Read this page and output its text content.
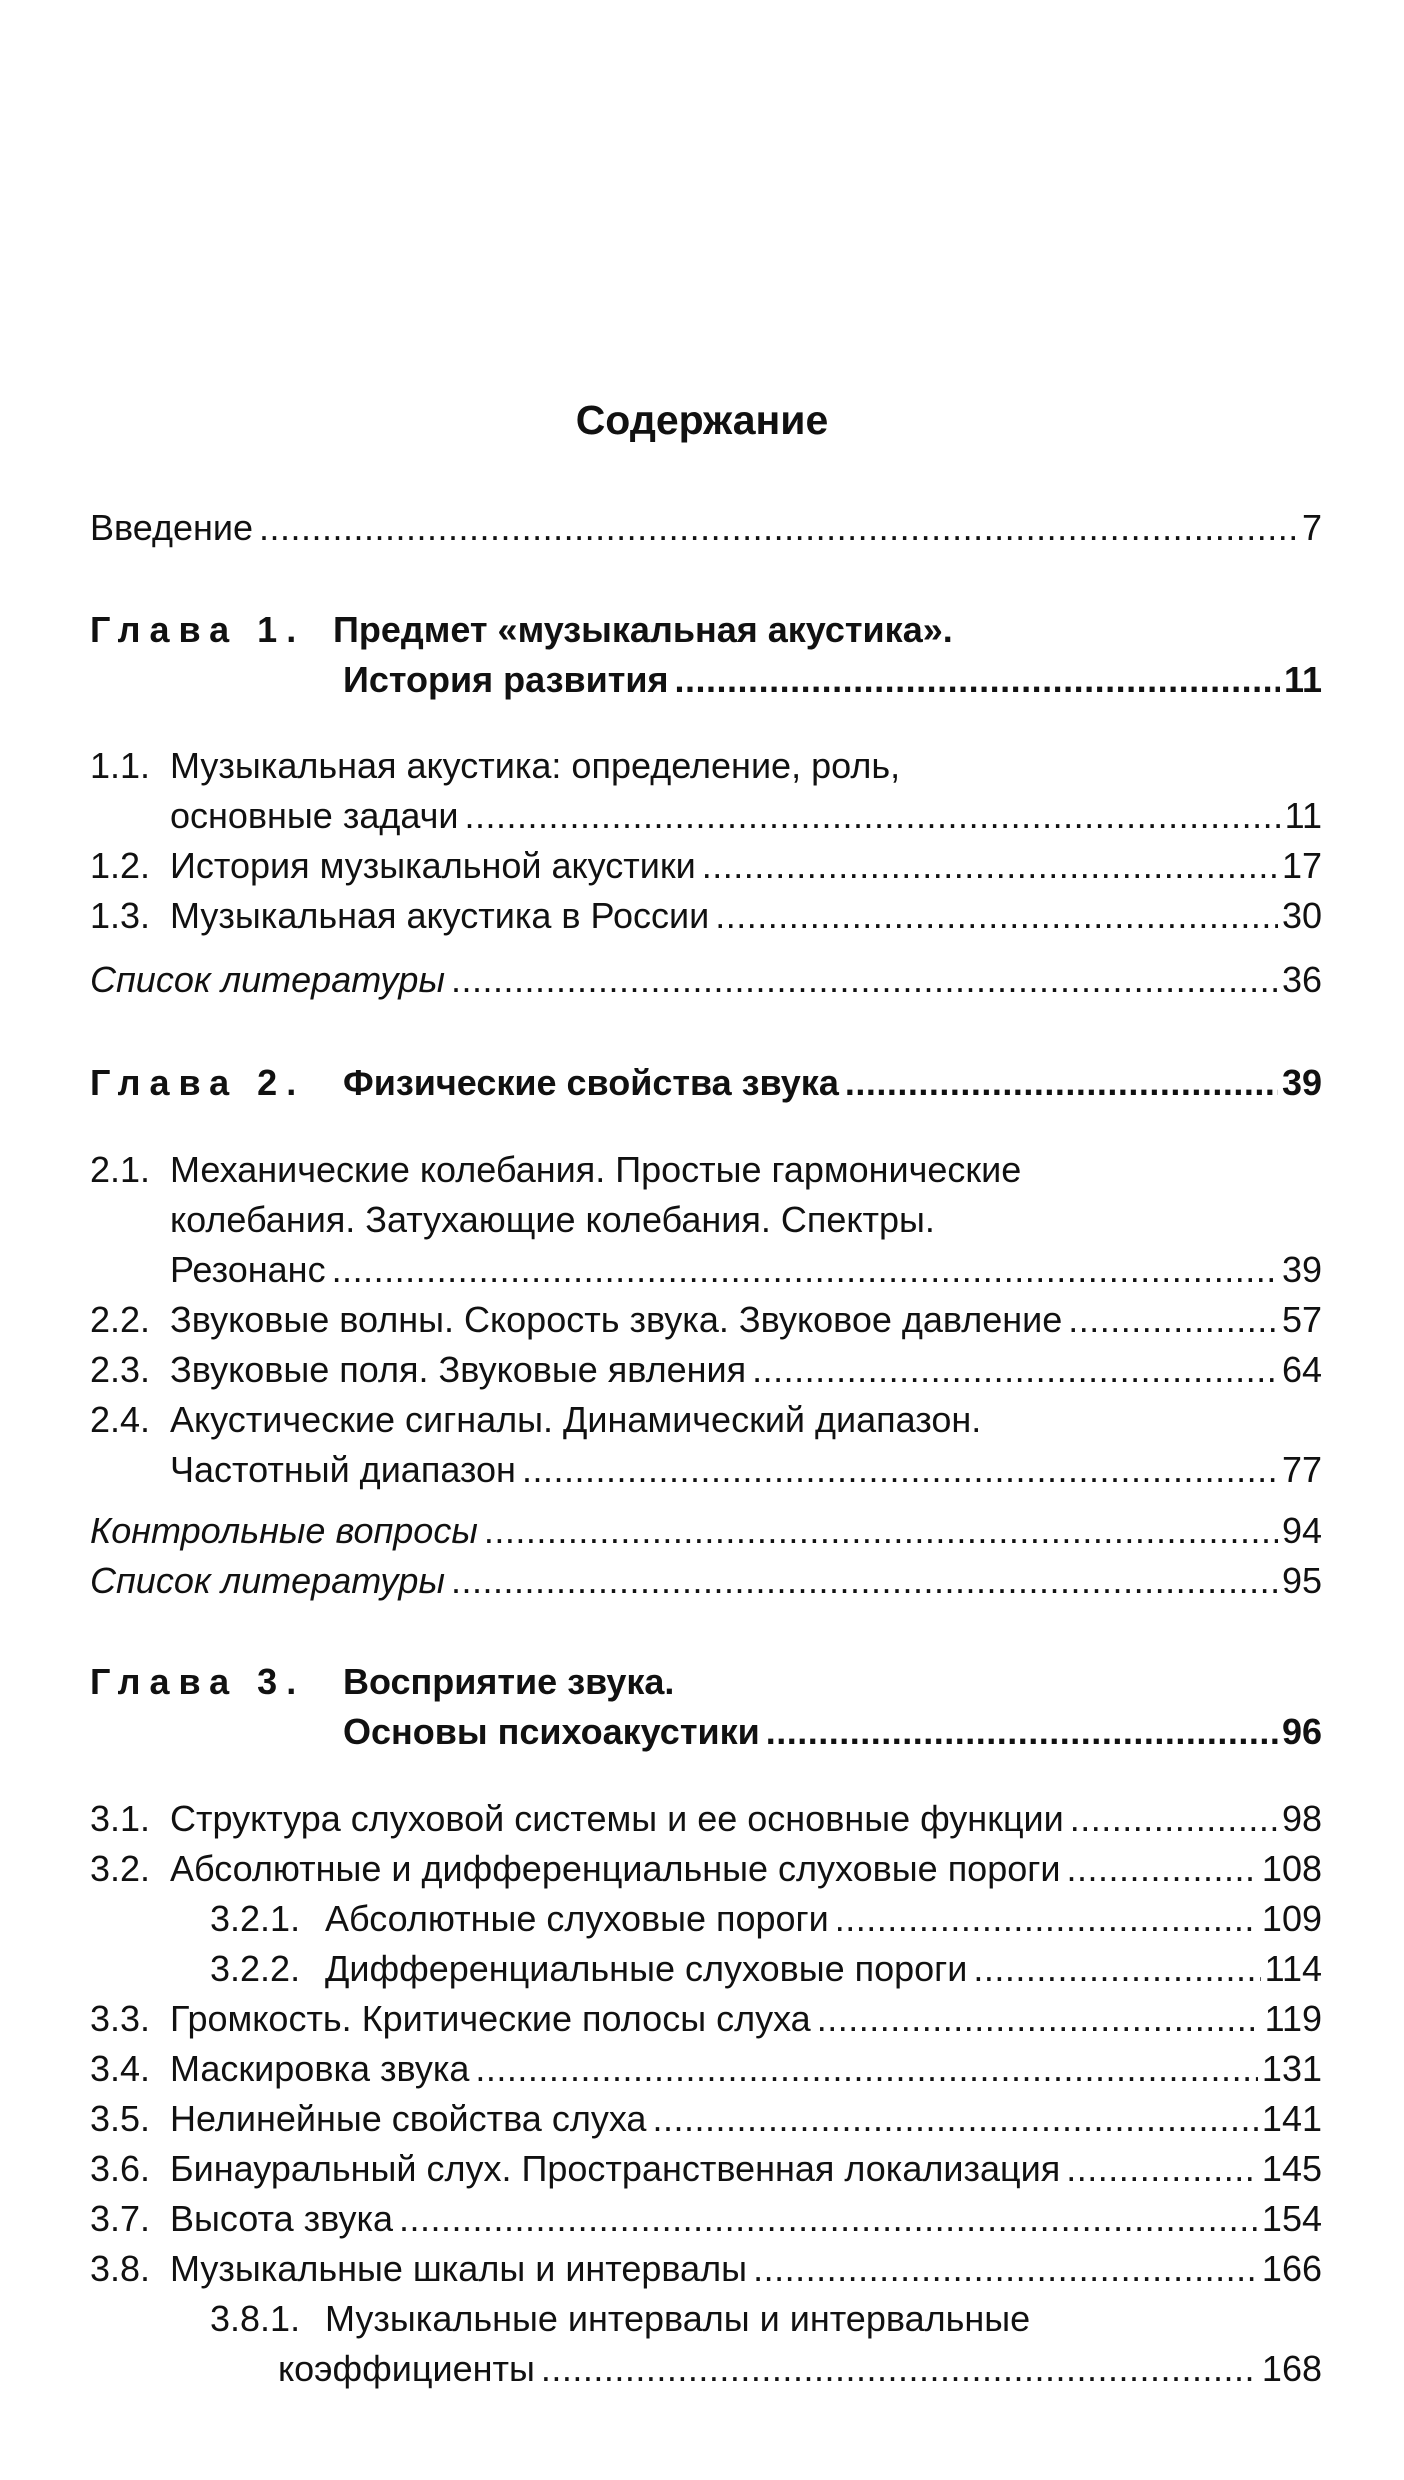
Содержание
Введение .....	7
Глава 1. Предмет «музыкальная акустика».
История развития .....	11
1.1. Музыкальная акустика: определение, роль,
основные задачи .....	11
1.2. История музыкальной акустики .....	17
1.3. Музыкальная акустика в России .....	30
Список литературы .....	36
Глава 2.	Физические свойства звука .....	39
2.1. Механические колебания. Простые гармонические
колебания. Затухающие колебания. Спектры.
Резонанс .....	39
2.2. Звуковые волны. Скорость звука. Звуковое давление .....	57
2.3. Звуковые поля. Звуковые явления .....	64
2.4. Акустические сигналы. Динамический диапазон.
Частотный диапазон .....	77
Контрольные вопросы .....	94
Список литературы .....	95
Глава 3.	Восприятие звука.
Основы психоакустики .....	96
3.1. Структура слуховой системы и ее основные функции .....	98
3.2. Абсолютные и дифференциальные слуховые пороги .....	108
3.2.1. Абсолютные слуховые пороги .....	109
3.2.2. Дифференциальные слуховые пороги .....	114
3.3. Громкость. Критические полосы слуха .....	119
3.4. Маскировка звука .....	131
3.5. Нелинейные свойства слуха .....	141
3.6. Бинауральный слух. Пространственная локализация .....	145
3.7. Высота звука .....	154
3.8. Музыкальные шкалы и интервалы .....	166
3.8.1. Музыкальные интервалы и интервальные
коэффициенты .....	168
